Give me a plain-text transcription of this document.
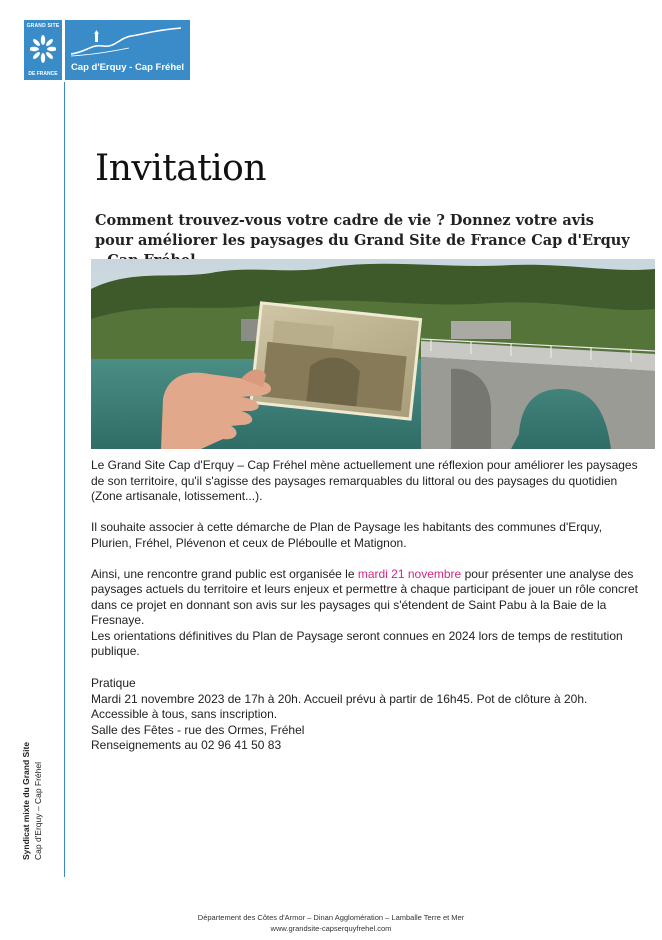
GRAND SITE
DE FRANCE
Cap d'Erquy - Cap Fréhel
Syndicat mixte du Grand Site Cap d'Erquy – Cap Fréhel
Invitation

Comment trouvez-vous votre cadre de vie ? Donnez votre avis pour améliorer les paysages du Grand Site de France Cap d'Erquy

Le Grand Site Cap d'Erquy – Cap Fréhel mène actuellement une réflexion pour améliorer les paysages de son territoire, qu'il s'agisse des paysages remarquables du littoral ou des paysages du quotidien (Zone artisanale, lotissement...).

Il souhaite associer à cette démarche de Plan de Paysage les habitants des communes d'Erquy, Plurien, Fréhel, Plévenon et ceux de Pléboulle et Matignon.

Ainsi, une rencontre grand public est organisée le mardi 21 novembre pour présenter une analyse des paysages actuels du territoire et leurs enjeux et permettre à chaque participant de jouer un rôle concret dans ce projet en donnant son avis sur les paysages qui s'étendent de Saint Pabu à la Baie de la Fresnaye.

Les orientations définitives du Plan de Paysage seront connues en 2024 lors de temps de restitution publique.

Pratique
Mardi 21 novembre 2023 de 17h à 20h. Accueil prévu à partir de 16h45. Pot de clôture à 20h.
Accessible à tous, sans inscription.
Salle des Fêtes - rue des Ormes, Fréhel
Renseignements au 02 96 41 50 83
Département des Côtes d'Armor – Dinan Agglomération – Lamballe Terre et Mer
www.grandsite-capserquyfrehel.com
